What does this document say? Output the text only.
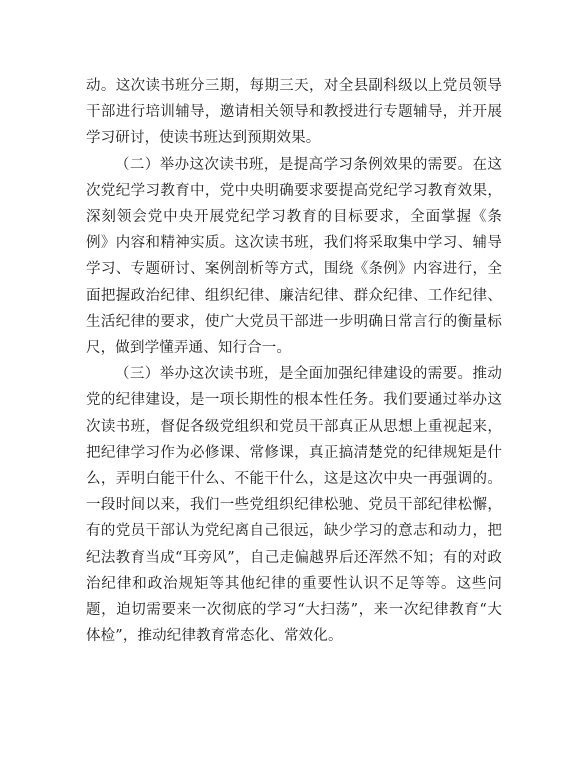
动。这次读书班分三期，每期三天，对全县副科级以上党员领导干部进行培训辅导，邀请相关领导和教授进行专题辅导，并开展学习研讨，使读书班达到预期效果。

（二）举办这次读书班，是提高学习条例效果的需要。在这次党纪学习教育中，党中央明确要求要提高党纪学习教育效果，深刻领会党中央开展党纪学习教育的目标要求，全面掌握《条例》内容和精神实质。这次读书班，我们将采取集中学习、辅导学习、专题研讨、案例剖析等方式，围绕《条例》内容进行，全面把握政治纪律、组织纪律、廉洁纪律、群众纪律、工作纪律、生活纪律的要求，使广大党员干部进一步明确日常言行的衡量标尺，做到学懂弄通、知行合一。

（三）举办这次读书班，是全面加强纪律建设的需要。推动党的纪律建设，是一项长期性的根本性任务。我们要通过举办这次读书班，督促各级党组织和党员干部真正从思想上重视起来，把纪律学习作为必修课、常修课，真正搞清楚党的纪律规矩是什么，弄明白能干什么、不能干什么，这是这次中央一再强调的。一段时间以来，我们一些党组织纪律松驰、党员干部纪律松懈，有的党员干部认为党纪离自己很远，缺少学习的意志和动力，把纪法教育当成“耳旁风”，自己走偏越界后还浑然不知；有的对政治纪律和政治规矩等其他纪律的重要性认识不足等等。这些问题，迫切需要来一次彻底的学习“大扫荡”，来一次纪律教育“大体检”，推动纪律教育常态化、常效化。
